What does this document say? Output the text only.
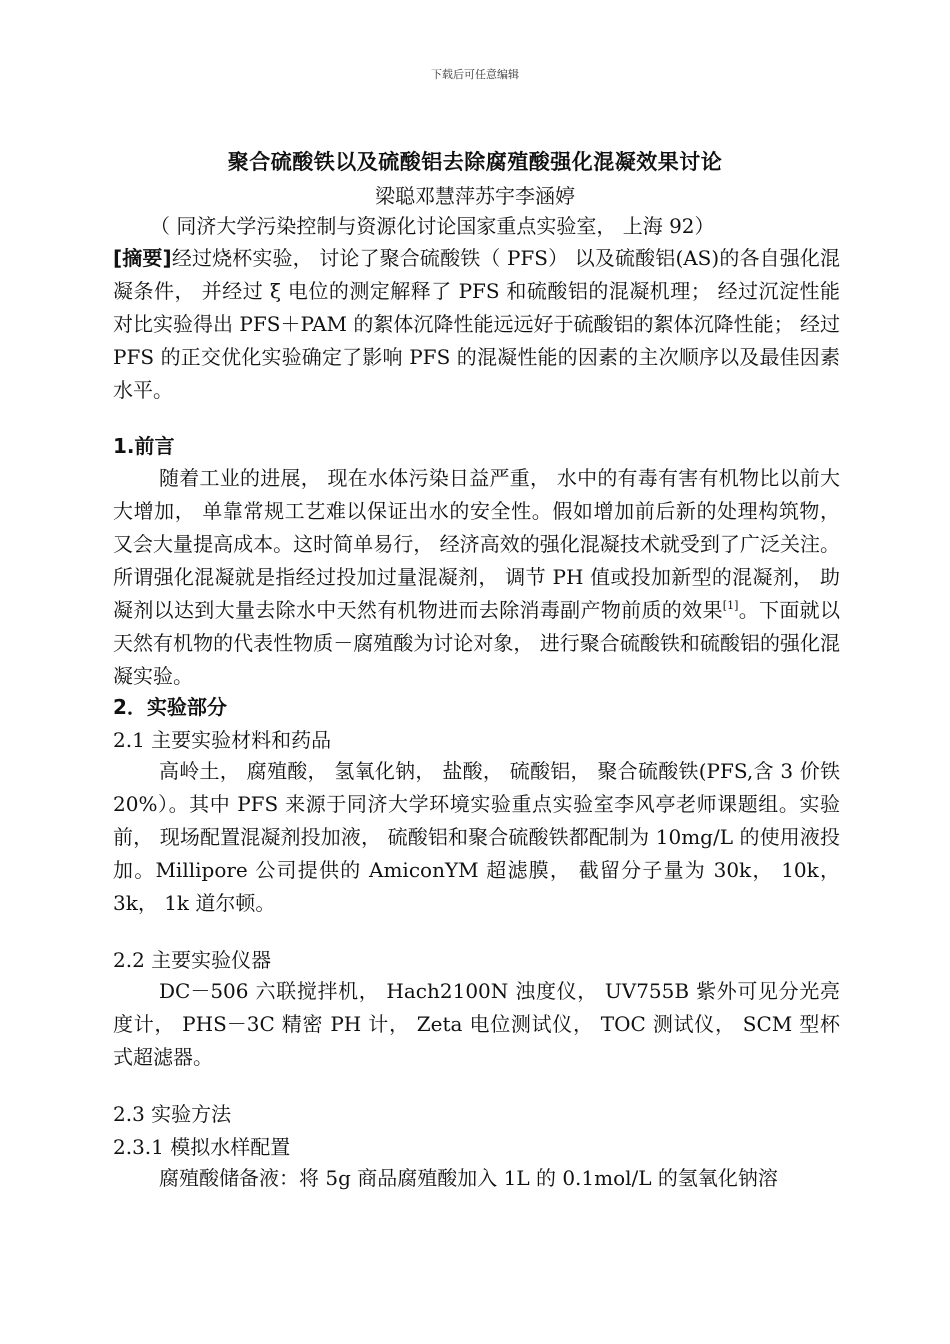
下载后可任意编辑
聚合硫酸铁以及硫酸铝去除腐殖酸强化混凝效果讨论
梁聪邓慧萍苏宇李涵婷
（ 同济大学污染控制与资源化讨论国家重点实验室， 上海 92）
[摘要]经过烧杯实验， 讨论了聚合硫酸铁（ PFS） 以及硫酸铝(AS)的各自强化混凝条件， 并经过 ξ 电位的测定解释了 PFS 和硫酸铝的混凝机理； 经过沉淀性能对比实验得出 PFS＋PAM 的絮体沉降性能远远好于硫酸铝的絮体沉降性能； 经过 PFS 的正交优化实验确定了影响 PFS 的混凝性能的因素的主次顺序以及最佳因素水平。
1.前言
随着工业的进展， 现在水体污染日益严重， 水中的有毒有害有机物比以前大大增加， 单靠常规工艺难以保证出水的安全性。假如增加前后新的处理构筑物， 又会大量提高成本。这时简单易行， 经济高效的强化混凝技术就受到了广泛关注。所谓强化混凝就是指经过投加过量混凝剂， 调节 PH 值或投加新型的混凝剂， 助凝剂以达到大量去除水中天然有机物进而去除消毒副产物前质的效果[1]。下面就以天然有机物的代表性物质－腐殖酸为讨论对象， 进行聚合硫酸铁和硫酸铝的强化混凝实验。
2．实验部分
2.1 主要实验材料和药品
高岭土， 腐殖酸， 氢氧化钠， 盐酸， 硫酸铝， 聚合硫酸铁(PFS,含 3 价铁 20%）。其中 PFS 来源于同济大学环境实验重点实验室李风亭老师课题组。实验前， 现场配置混凝剂投加液， 硫酸铝和聚合硫酸铁都配制为 10mg/L 的使用液投加。Millipore 公司提供的 AmiconYM 超滤膜， 截留分子量为 30k， 10k， 3k， 1k 道尔顿。
2.2 主要实验仪器
DC－506 六联搅拌机， Hach2100N 浊度仪， UV755B 紫外可见分光亮度计， PHS－3C 精密 PH 计， Zeta 电位测试仪， TOC 测试仪， SCM 型杯式超滤器。
2.3 实验方法
2.3.1 模拟水样配置
腐殖酸储备液：将 5g 商品腐殖酸加入 1L 的 0.1mol/L 的氢氧化钠溶
